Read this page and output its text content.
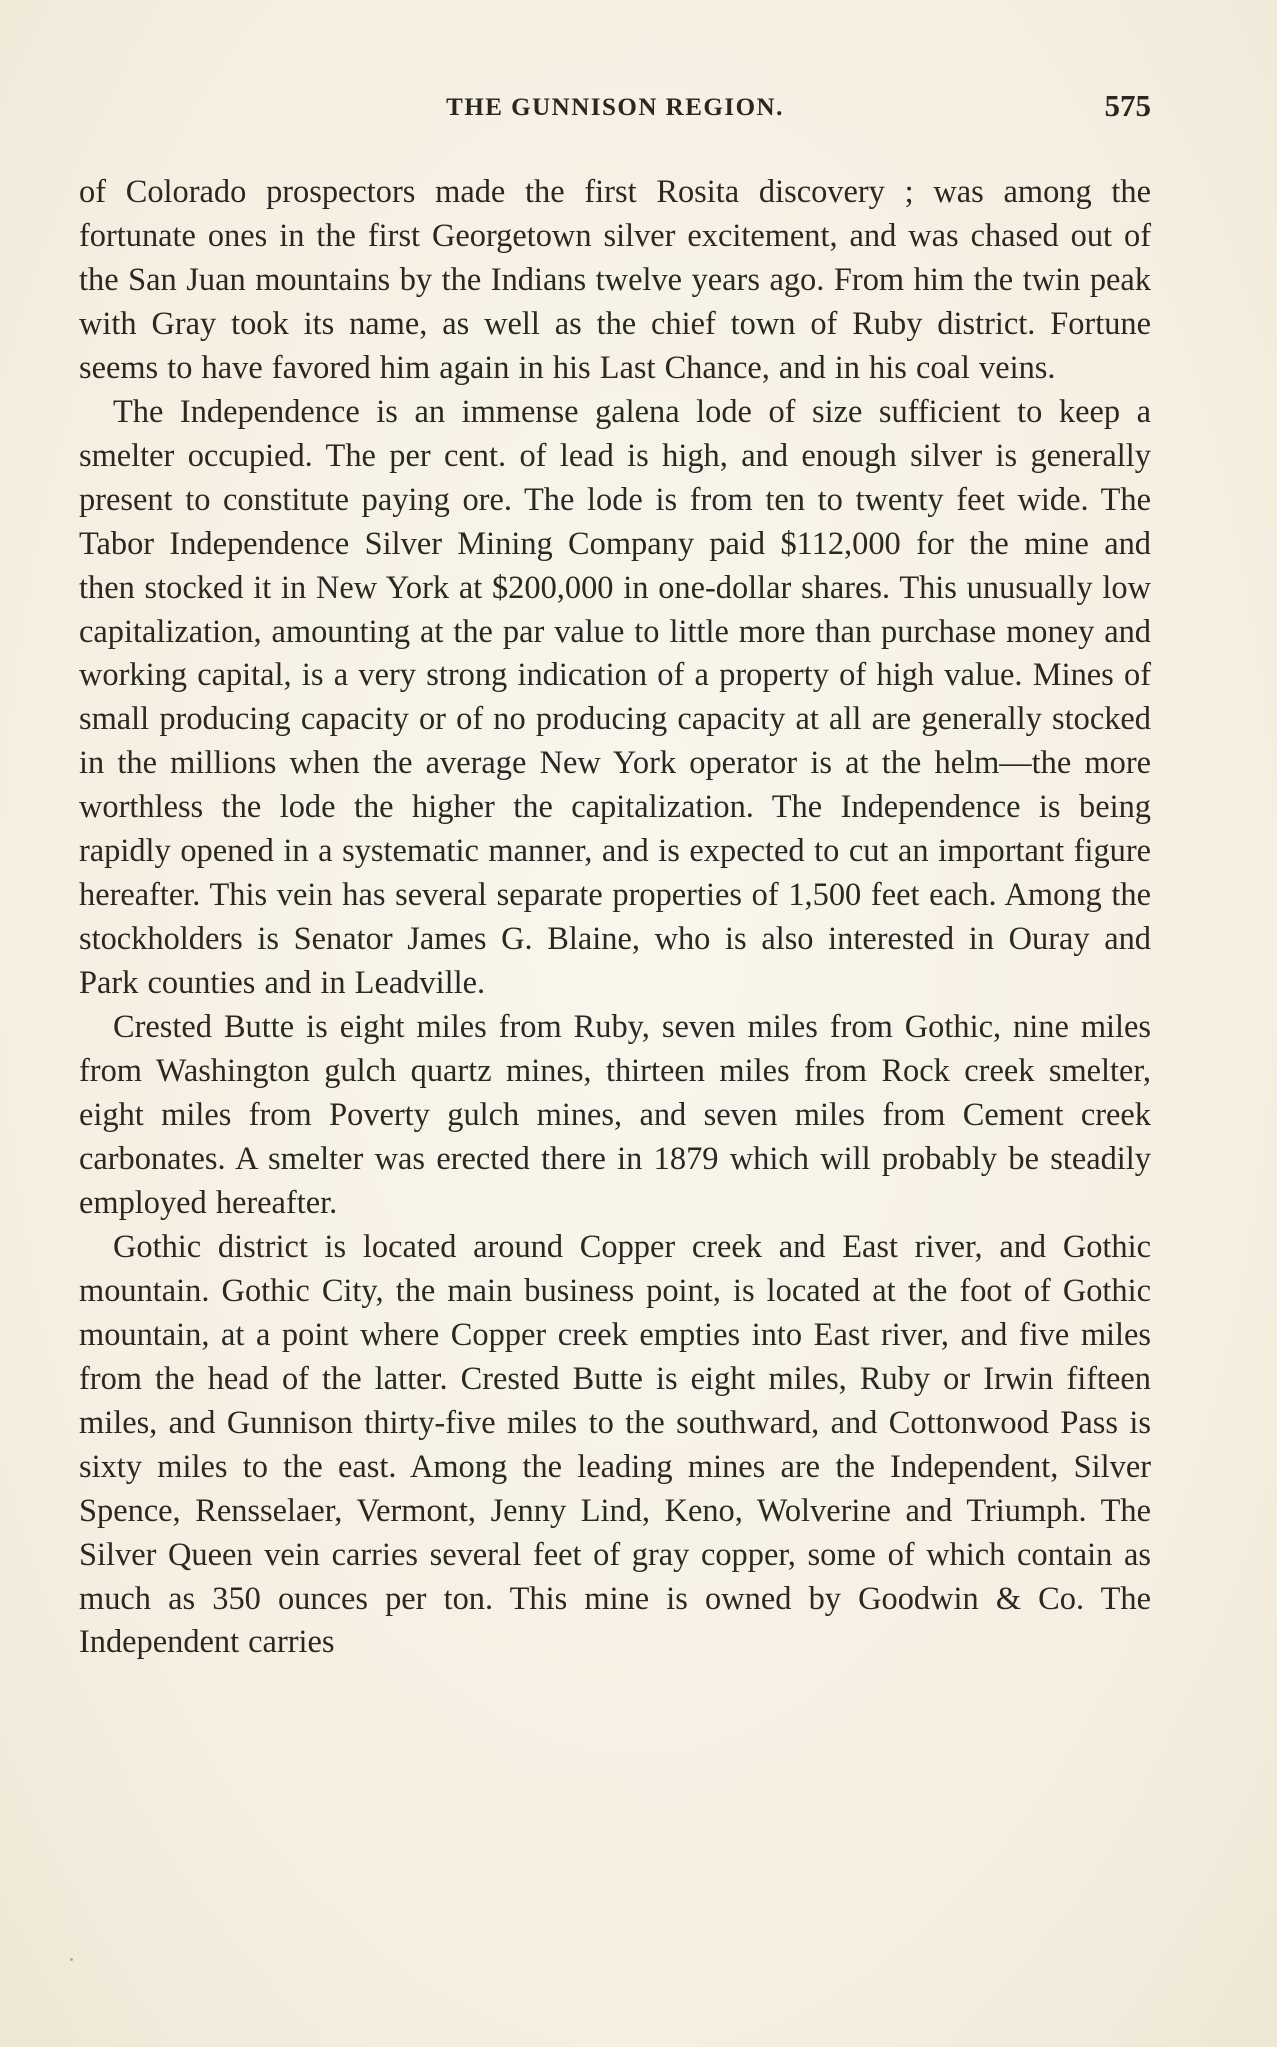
THE GUNNISON REGION.	575

of Colorado prospectors made the first Rosita discovery ; was among the fortunate ones in the first Georgetown silver excitement, and was chased out of the San Juan mountains by the Indians twelve years ago. From him the twin peak with Gray took its name, as well as the chief town of Ruby district. Fortune seems to have favored him again in his Last Chance, and in his coal veins.

The Independence is an immense galena lode of size sufficient to keep a smelter occupied. The per cent. of lead is high, and enough silver is generally present to constitute paying ore. The lode is from ten to twenty feet wide. The Tabor Independence Silver Mining Company paid $112,000 for the mine and then stocked it in New York at $200,000 in one-dollar shares. This unusually low capitalization, amounting at the par value to little more than purchase money and working capital, is a very strong indication of a property of high value. Mines of small producing capacity or of no producing capacity at all are generally stocked in the millions when the average New York operator is at the helm—the more worthless the lode the higher the capitalization. The Independence is being rapidly opened in a systematic manner, and is expected to cut an important figure hereafter. This vein has several separate properties of 1,500 feet each. Among the stockholders is Senator James G. Blaine, who is also interested in Ouray and Park counties and in Leadville.

Crested Butte is eight miles from Ruby, seven miles from Gothic, nine miles from Washington gulch quartz mines, thirteen miles from Rock creek smelter, eight miles from Poverty gulch mines, and seven miles from Cement creek carbonates. A smelter was erected there in 1879 which will probably be steadily employed hereafter.

Gothic district is located around Copper creek and East river, and Gothic mountain. Gothic City, the main business point, is located at the foot of Gothic mountain, at a point where Copper creek empties into East river, and five miles from the head of the latter. Crested Butte is eight miles, Ruby or Irwin fifteen miles, and Gunnison thirty-five miles to the southward, and Cottonwood Pass is sixty miles to the east. Among the leading mines are the Independent, Silver Spence, Rensselaer, Vermont, Jenny Lind, Keno, Wolverine and Triumph. The Silver Queen vein carries several feet of gray copper, some of which contain as much as 350 ounces per ton. This mine is owned by Goodwin & Co. The Independent carries
